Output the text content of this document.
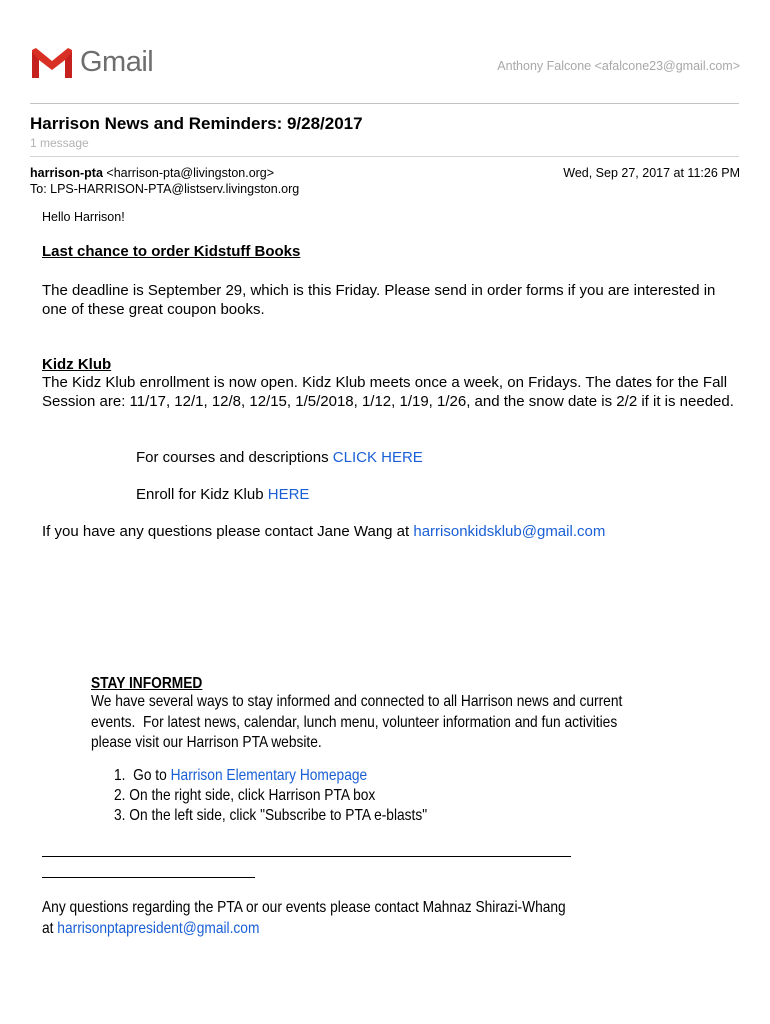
Gmail	Anthony Falcone <afalcone23@gmail.com>
Harrison News and Reminders: 9/28/2017
1 message
harrison-pta <harrison-pta@livingston.org>	Wed, Sep 27, 2017 at 11:26 PM
To: LPS-HARRISON-PTA@listserv.livingston.org
Hello Harrison!
Last chance to order Kidstuff Books
The deadline is September 29, which is this Friday. Please send in order forms if you are interested in one of these great coupon books.
Kidz Klub
The Kidz Klub enrollment is now open. Kidz Klub meets once a week, on Fridays. The dates for the Fall Session are: 11/17, 12/1, 12/8, 12/15, 1/5/2018, 1/12, 1/19, 1/26, and the snow date is 2/2 if it is needed.
For courses and descriptions CLICK HERE
Enroll for Kidz Klub HERE
If you have any questions please contact Jane Wang at harrisonkidsklub@gmail.com
STAY INFORMED
We have several ways to stay informed and connected to all Harrison news and current
events.  For latest news, calendar, lunch menu, volunteer information and fun activities
please visit our Harrison PTA website.
1.  Go to Harrison Elementary Homepage
2. On the right side, click Harrison PTA box
3. On the left side, click "Subscribe to PTA e-blasts"
Any questions regarding the PTA or our events please contact Mahnaz Shirazi-Whang
at harrisonptapresident@gmail.com
